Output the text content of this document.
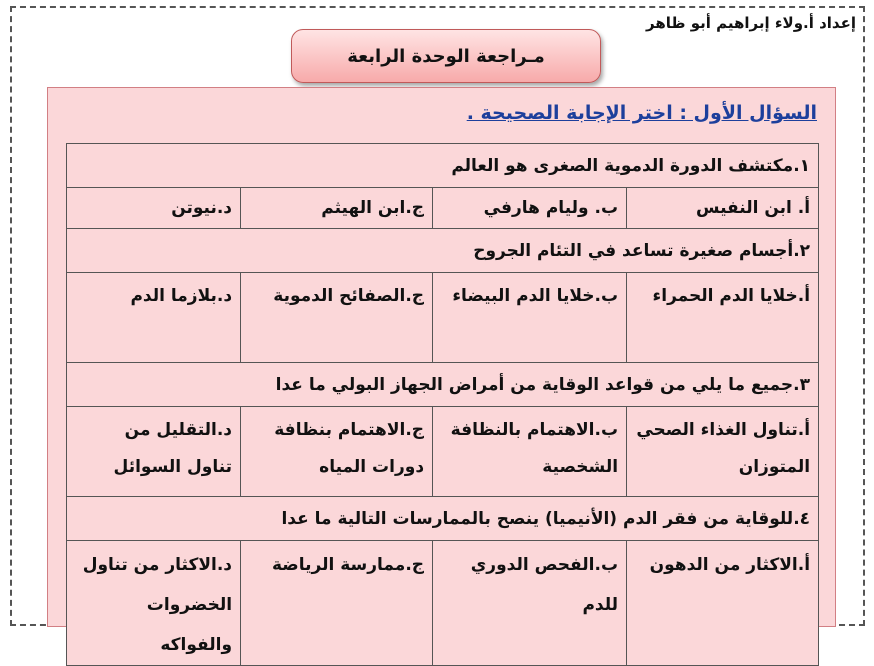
إعداد أ.ولاء إبراهيم أبو ظاهر
مـراجعة الوحدة الرابعة
السؤال الأول : اختر الإجابة الصحيحة .
١.مكتشف الدورة الدموية الصغرى هو العالم			
أ. ابن النفيس	ب. وليام هارفي	ج.ابن الهيثم	د.نيوتن
٢.أجسام صغيرة تساعد في التئام الجروح			
أ.خلايا الدم الحمراء	ب.خلايا الدم البيضاء	ج.الصفائح الدموية	د.بلازما الدم
٣.جميع ما يلي من قواعد الوقاية من أمراض الجهاز البولي ما عدا			
أ.تناول الغذاء الصحي المتوزان	ب.الاهتمام بالنظافة الشخصية	ج.الاهتمام بنظافة دورات المياه	د.التقليل من تناول السوائل
٤.للوقاية من فقر الدم (الأنيميا) ينصح بالممارسات التالية ما عدا			
أ.الاكثار من الدهون	ب.الفحص الدوري للدم	ج.ممارسة الرياضة	د.الاكثار من تناول الخضروات والفواكه
